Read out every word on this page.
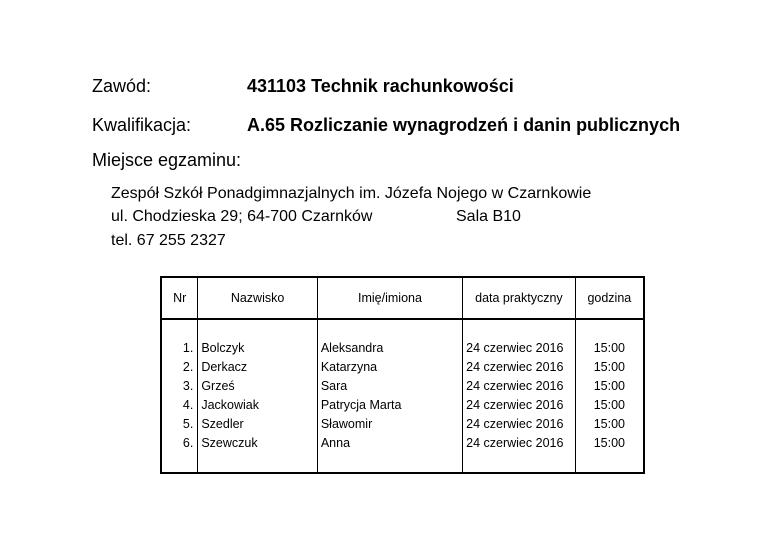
Zawód:	431103 Technik rachunkowości
Kwalifikacja:	A.65 Rozliczanie wynagrodzeń i danin publicznych
Miejsce egzaminu:
Zespół Szkół Ponadgimnazjalnych im. Józefa Nojego w Czarnkowie
ul. Chodzieska 29; 64-700 Czarnków	Sala B10
tel. 67 255 2327
Nr	Nazwisko	Imię/imiona	data praktyczny	godzina

1.	Bolczyk	Aleksandra	24 czerwiec 2016	15:00
2.	Derkacz	Katarzyna	24 czerwiec 2016	15:00
3.	Grześ	Sara	24 czerwiec 2016	15:00
4.	Jackowiak	Patrycja Marta	24 czerwiec 2016	15:00
5.	Szedler	Sławomir	24 czerwiec 2016	15:00
6.	Szewczuk	Anna	24 czerwiec 2016	15:00
